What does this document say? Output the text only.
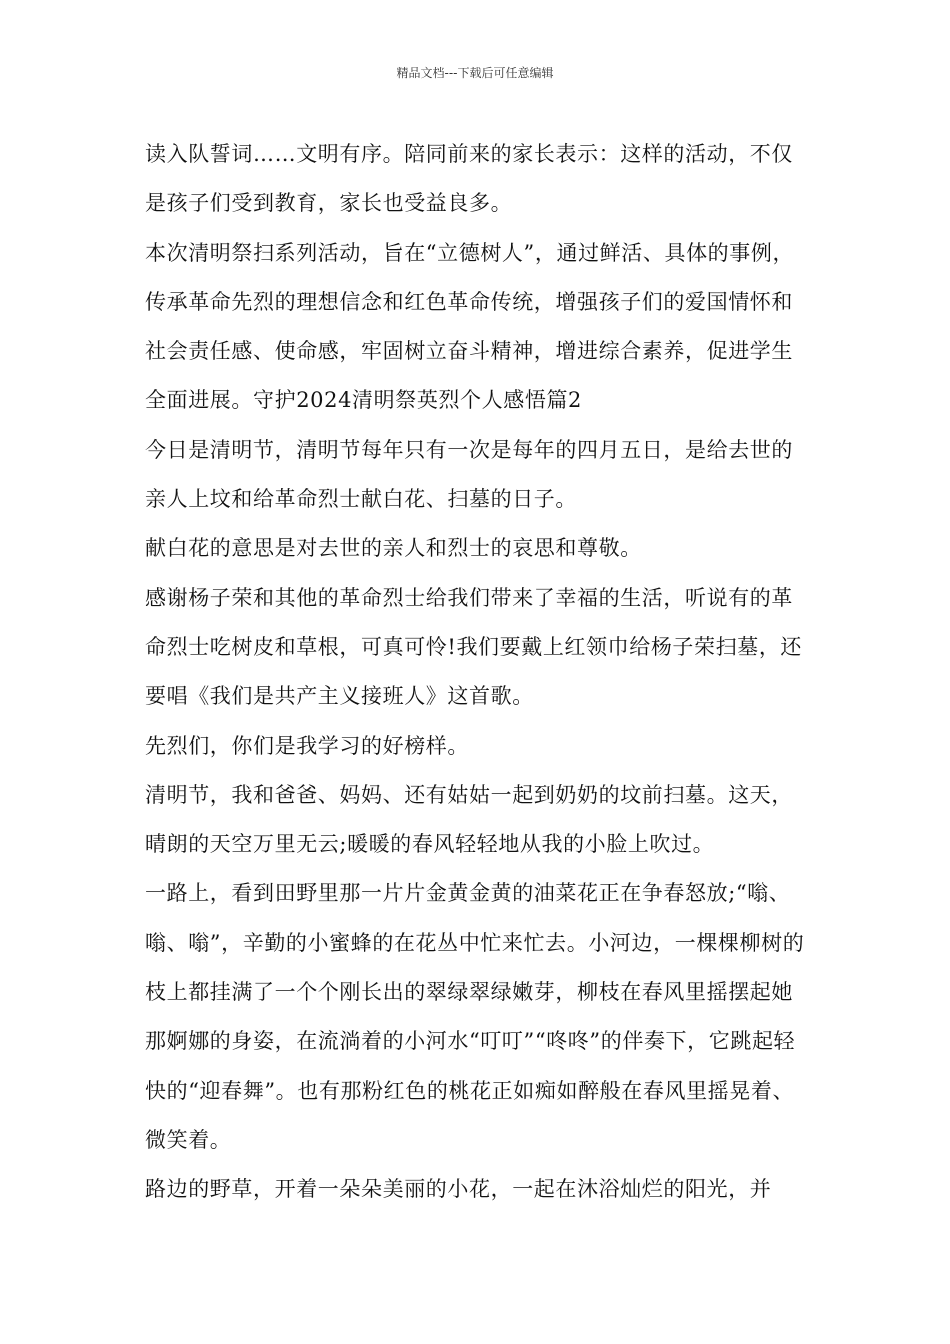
精品文档---下载后可任意编辑

读入队誓词……文明有序。陪同前来的家长表示：这样的活动，不仅是孩子们受到教育，家长也受益良多。

本次清明祭扫系列活动，旨在“立德树人”，通过鲜活、具体的事例，传承革命先烈的理想信念和红色革命传统，增强孩子们的爱国情怀和社会责任感、使命感，牢固树立奋斗精神，增进综合素养，促进学生全面进展。守护2024清明祭英烈个人感悟篇2

今日是清明节，清明节每年只有一次是每年的四月五日，是给去世的亲人上坟和给革命烈士献白花、扫墓的日子。

献白花的意思是对去世的亲人和烈士的哀思和尊敬。

感谢杨子荣和其他的革命烈士给我们带来了幸福的生活，听说有的革命烈士吃树皮和草根，可真可怜!我们要戴上红领巾给杨子荣扫墓，还要唱《我们是共产主义接班人》这首歌。

先烈们，你们是我学习的好榜样。

清明节，我和爸爸、妈妈、还有姑姑一起到奶奶的坟前扫墓。这天，晴朗的天空万里无云;暖暖的春风轻轻地从我的小脸上吹过。

一路上，看到田野里那一片片金黄金黄的油菜花正在争春怒放;“嗡、嗡、嗡”，辛勤的小蜜蜂的在花丛中忙来忙去。小河边，一棵棵柳树的枝上都挂满了一个个刚长出的翠绿翠绿嫩芽，柳枝在春风里摇摆起她那婀娜的身姿，在流淌着的小河水“叮叮”“咚咚”的伴奏下，它跳起轻快的“迎春舞”。也有那粉红色的桃花正如痴如醉般在春风里摇晃着、微笑着。

路边的野草，开着一朵朵美丽的小花，一起在沐浴灿烂的阳光，并
